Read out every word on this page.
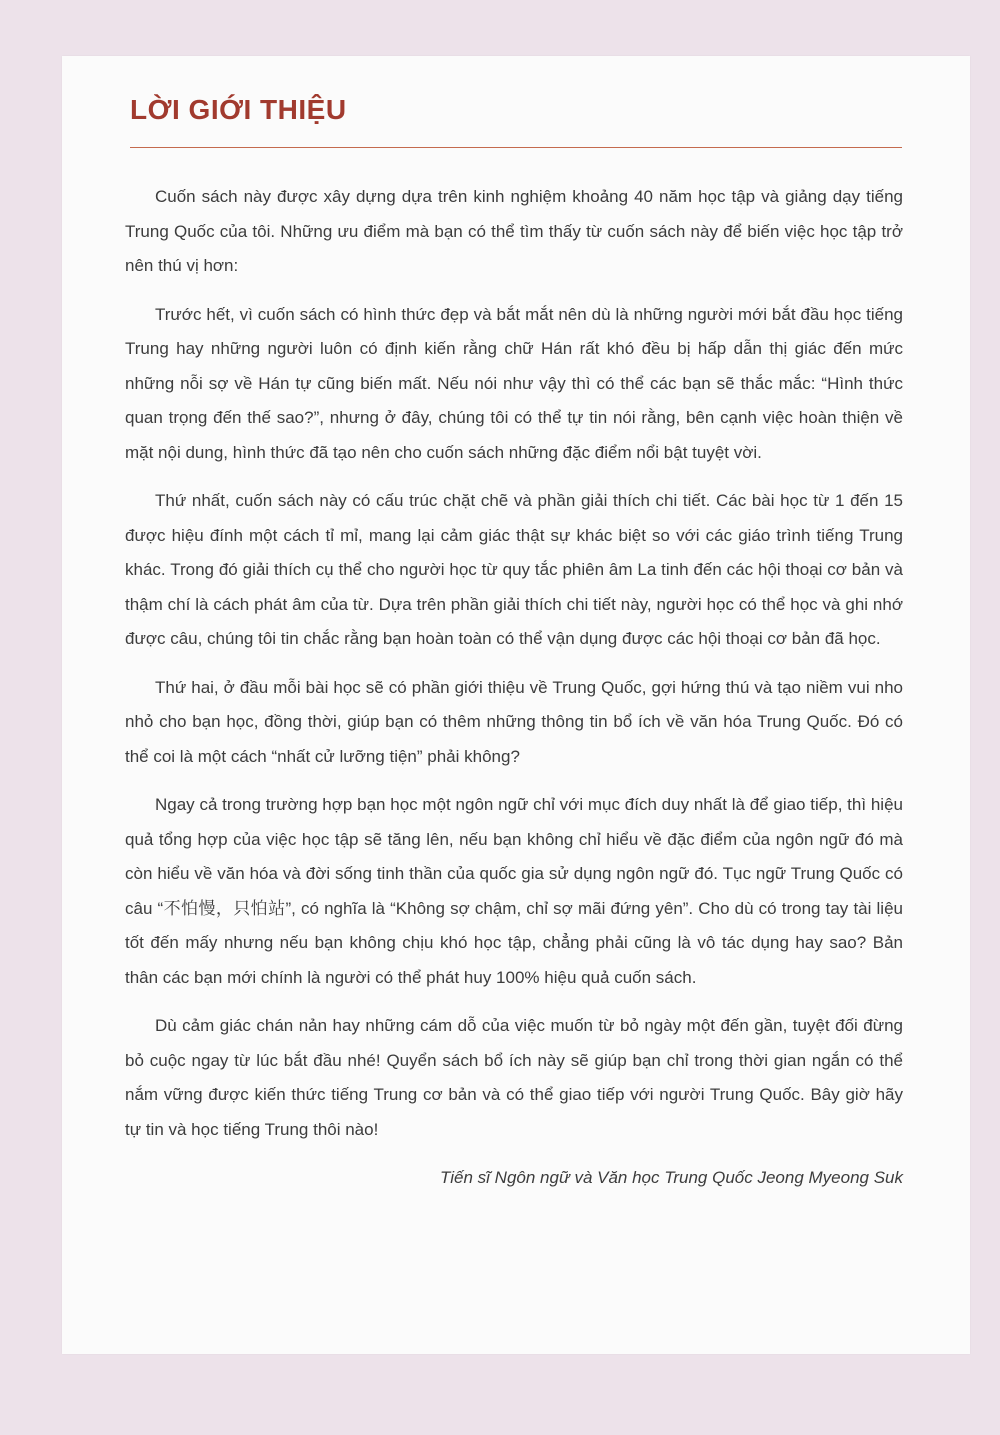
LỜI GIỚI THIỆU

Cuốn sách này được xây dựng dựa trên kinh nghiệm khoảng 40 năm học tập và giảng dạy tiếng Trung Quốc của tôi. Những ưu điểm mà bạn có thể tìm thấy từ cuốn sách này để biến việc học tập trở nên thú vị hơn:

Trước hết, vì cuốn sách có hình thức đẹp và bắt mắt nên dù là những người mới bắt đầu học tiếng Trung hay những người luôn có định kiến rằng chữ Hán rất khó đều bị hấp dẫn thị giác đến mức những nỗi sợ về Hán tự cũng biến mất. Nếu nói như vậy thì có thể các bạn sẽ thắc mắc: “Hình thức quan trọng đến thế sao?”, nhưng ở đây, chúng tôi có thể tự tin nói rằng, bên cạnh việc hoàn thiện về mặt nội dung, hình thức đã tạo nên cho cuốn sách những đặc điểm nổi bật tuyệt vời.

Thứ nhất, cuốn sách này có cấu trúc chặt chẽ và phần giải thích chi tiết. Các bài học từ 1 đến 15 được hiệu đính một cách tỉ mỉ, mang lại cảm giác thật sự khác biệt so với các giáo trình tiếng Trung khác. Trong đó giải thích cụ thể cho người học từ quy tắc phiên âm La tinh đến các hội thoại cơ bản và thậm chí là cách phát âm của từ. Dựa trên phần giải thích chi tiết này, người học có thể học và ghi nhớ được câu, chúng tôi tin chắc rằng bạn hoàn toàn có thể vận dụng được các hội thoại cơ bản đã học.

Thứ hai, ở đầu mỗi bài học sẽ có phần giới thiệu về Trung Quốc, gợi hứng thú và tạo niềm vui nho nhỏ cho bạn học, đồng thời, giúp bạn có thêm những thông tin bổ ích về văn hóa Trung Quốc. Đó có thể coi là một cách “nhất cử lưỡng tiện” phải không?

Ngay cả trong trường hợp bạn học một ngôn ngữ chỉ với mục đích duy nhất là để giao tiếp, thì hiệu quả tổng hợp của việc học tập sẽ tăng lên, nếu bạn không chỉ hiểu về đặc điểm của ngôn ngữ đó mà còn hiểu về văn hóa và đời sống tinh thần của quốc gia sử dụng ngôn ngữ đó. Tục ngữ Trung Quốc có câu “不怕慢，只怕站”, có nghĩa là “Không sợ chậm, chỉ sợ mãi đứng yên”. Cho dù có trong tay tài liệu tốt đến mấy nhưng nếu bạn không chịu khó học tập, chẳng phải cũng là vô tác dụng hay sao? Bản thân các bạn mới chính là người có thể phát huy 100% hiệu quả cuốn sách.

Dù cảm giác chán nản hay những cám dỗ của việc muốn từ bỏ ngày một đến gần, tuyệt đối đừng bỏ cuộc ngay từ lúc bắt đầu nhé! Quyển sách bổ ích này sẽ giúp bạn chỉ trong thời gian ngắn có thể nắm vững được kiến thức tiếng Trung cơ bản và có thể giao tiếp với người Trung Quốc. Bây giờ hãy tự tin và học tiếng Trung thôi nào!

Tiến sĩ Ngôn ngữ và Văn học Trung Quốc Jeong Myeong Suk
